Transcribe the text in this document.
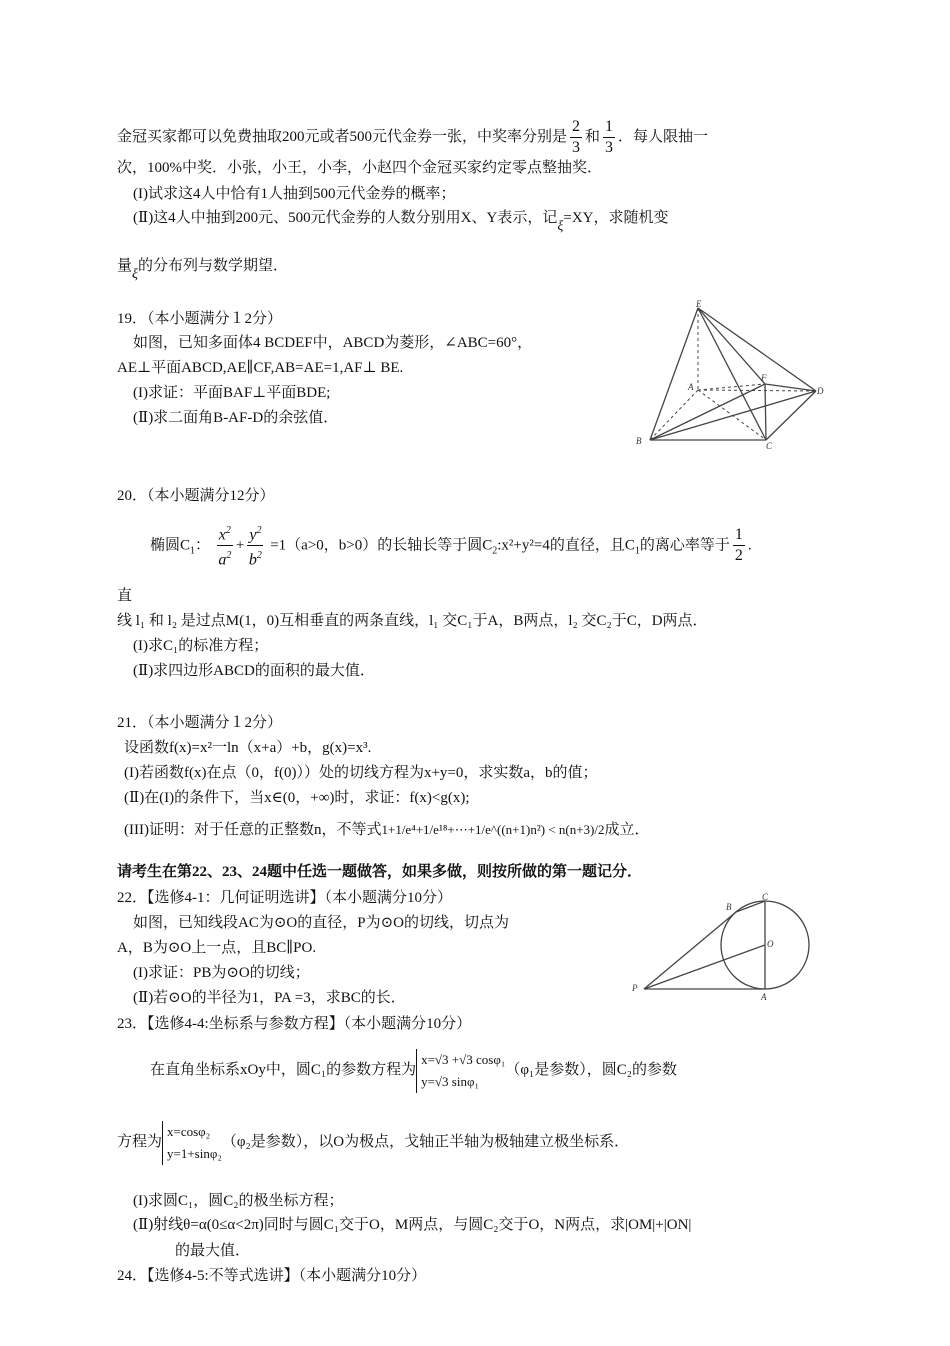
金冠买家都可以免费抽取200元或者500元代金券一张，中奖率分别是 $\frac{2}{3}$ 和 $\frac{1}{3}$ ．每人限抽一
次，100%中奖．小张，小王，小李，小赵四个金冠买家约定零点整抽奖．
(I)试求这4人中恰有1人抽到500元代金券的概率；
(Ⅱ)这4人中抽到200元、500元代金券的人数分别用X、Y表示，记ξ=XY，求随机变
量ξ的分布列与数学期望．
19．（本小题满分１2分）
如图，已知多面体4 BCDEF中，ABCD为菱形，∠ABC=60°，
AE⊥平面ABCD,AE∥CF,AB=AE=1,AF⊥ BE.
(I)求证：平面BAF⊥平面BDE;
(Ⅱ)求二面角B-AF-D的余弦值．
E
A
F
D
B	C
20．（本小题满分12分）
椭圆$C_1$： $\frac{x^2}{a^2} + \frac{y^2}{b^2} =1(a>0$，b>0）的长轴长等于圆$C_2:x^2+y^2=4$的直径，且$C_1$的离心率等于 $\frac{1}{2}$ .
直
线 l₁ 和 l₂ 是过点M(1，0)互相垂直的两条直线，l₁ 交C₁于A，B两点，l₂ 交C₂于C，D两点．
(I)求C₁的标准方程；
(Ⅱ)求四边形ABCD的面积的最大值．
21．（本小题满分１2分）
设函数f(x)=x²一ln（x+a）+b，g(x)=x³.
(I)若函数f(x)在点（0，f(0)））处的切线方程为x+y=0，求实数a，b的值；
(Ⅱ)在(I)的条件下，当x∈(0，+∞)时，求证：f(x)<g(x);
(III)证明：对于任意的正整数n，不等式1+1/e⁴+1/e¹⁸+⋯+1/e^((n+1)n²) < n(n+3)/2成立．
请考生在第22、23、24题中任选一题做答，如果多做，则按所做的第一题记分．
22．【选修4-1：几何证明选讲】（本小题满分10分）
如图，已知线段AC为⊙O的直径，P为⊙O的切线，切点为
A，B为⊙O上一点，且BC∥PO.
(I)求证：PB为⊙O的切线；
(Ⅱ)若⊙O的半径为1，PA =3，求BC的长．
B
C
O
P
A
23．【选修4-4:坐标系与参数方程】（本小题满分10分）
在直角坐标系xOy中，圆C₁的参数方程为
x=√3 +√3 cosφ₁
y=√3 sinφ₁
（φ₁是参数），圆C₂的参数
方程为
x=cosφ₂
y=1+sinφ₂
（φ₂是参数），以O为极点，戈轴正半轴为极轴建立极坐标系．
(I)求圆C₁，圆C₂的极坐标方程；
(Ⅱ)射线θ=α(0≤α<2π)同时与圆C₁交于O，M两点，与圆C₂交于O，N两点，求|OM|+|ON|
的最大值．
24．【选修4-5:不等式选讲】（本小题满分10分）
